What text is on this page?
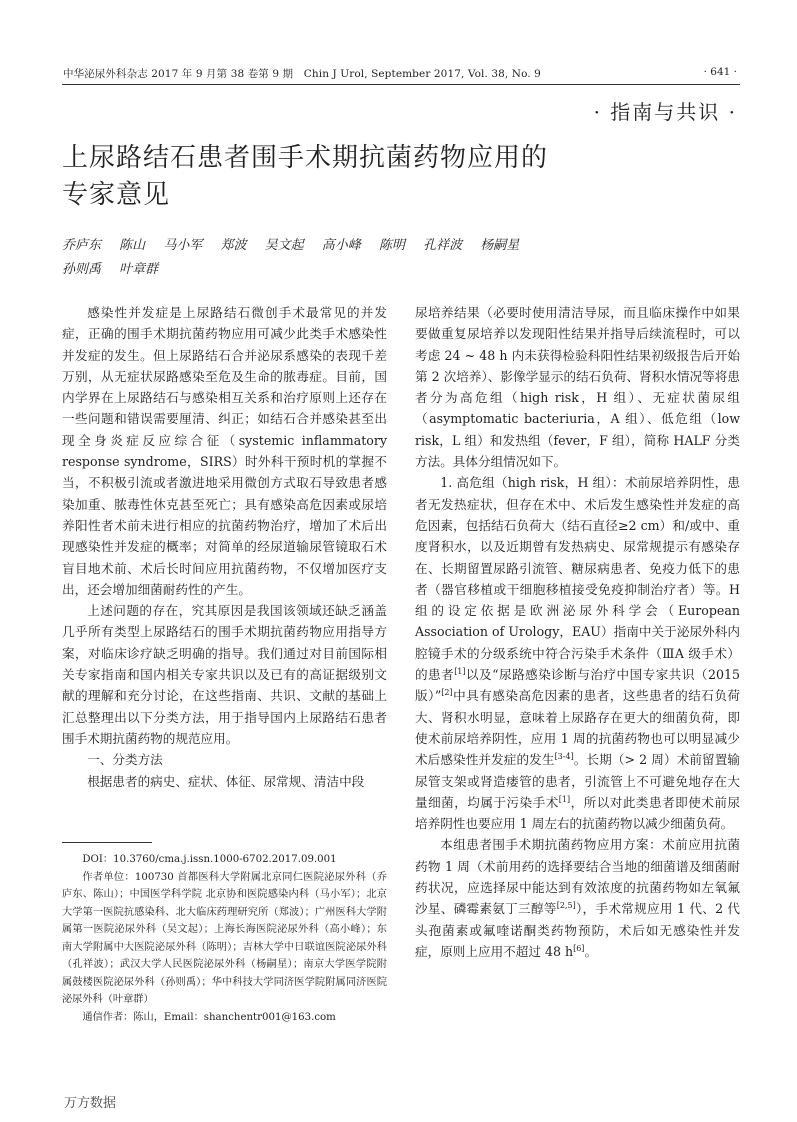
中华泌尿外科杂志 2017 年 9 月第 38 卷第 9 期　Chin J Urol, September 2017, Vol. 38, No. 9	· 641 ·
· 指南与共识 ·
上尿路结石患者围手术期抗菌药物应用的
专家意见
乔庐东 陈山 马小军 郑波 吴文起 高小峰 陈明 孔祥波 杨嗣星
孙则禹 叶章群

感染性并发症是上尿路结石微创手术最常见的并发症，正确的围手术期抗菌药物应用可减少此类手术感染性并发症的发生。但上尿路结石合并泌尿系感染的表现千差万别，从无症状尿路感染至危及生命的脓毒症。目前，国内学界在上尿路结石与感染相互关系和治疗原则上还存在一些问题和错误需要厘清、纠正；如结石合并感染甚至出现全身炎症反应综合征（systemic inflammatory response syndrome，SIRS）时外科干预时机的掌握不当，不积极引流或者激进地采用微创方式取石导致患者感染加重、脓毒性休克甚至死亡；具有感染高危因素或尿培养阳性者术前未进行相应的抗菌药物治疗，增加了术后出现感染性并发症的概率；对简单的经尿道输尿管镜取石术盲目地术前、术后长时间应用抗菌药物，不仅增加医疗支出，还会增加细菌耐药性的产生。

上述问题的存在，究其原因是我国该领域还缺乏涵盖几乎所有类型上尿路结石的围手术期抗菌药物应用指导方案，对临床诊疗缺乏明确的指导。我们通过对目前国际相关专家指南和国内相关专家共识以及已有的高证据级别文献的理解和充分讨论，在这些指南、共识、文献的基础上汇总整理出以下分类方法，用于指导国内上尿路结石患者围手术期抗菌药物的规范应用。

一、分类方法

根据患者的病史、症状、体征、尿常规、清洁中段

尿培养结果（必要时使用清洁导尿，而且临床操作中如果要做重复尿培养以发现阳性结果并指导后续流程时，可以考虑 24 ~ 48 h 内未获得检验科阳性结果初级报告后开始第 2 次培养）、影像学显示的结石负荷、肾积水情况等将患者分为高危组（high risk，H 组）、无症状菌尿组（asymptomatic bacteriuria，A 组）、低危组（low risk，L 组）和发热组（fever，F 组），简称 HALF 分类方法。具体分组情况如下。

1. 高危组（high risk，H 组）：术前尿培养阴性，患者无发热症状，但存在术中、术后发生感染性并发症的高危因素，包括结石负荷大（结石直径≥2 cm）和/或中、重度肾积水，以及近期曾有发热病史、尿常规提示有感染存在、长期留置尿路引流管、糖尿病患者、免疫力低下的患者（器官移植或干细胞移植接受免疫抑制治疗者）等。H 组的设定依据是欧洲泌尿外科学会（European Association of Urology，EAU）指南中关于泌尿外科内腔镜手术的分级系统中符合污染手术条件（ⅢA 级手术）的患者[1]以及“尿路感染诊断与治疗中国专家共识（2015 版）”[2]中具有感染高危因素的患者，这些患者的结石负荷大、肾积水明显，意味着上尿路存在更大的细菌负荷，即使术前尿培养阴性，应用 1 周的抗菌药物也可以明显减少术后感染性并发症的发生[3-4]。长期（> 2 周）术前留置输尿管支架或肾造瘘管的患者，引流管上不可避免地存在大量细菌，均属于污染手术[1]，所以对此类患者即使术前尿培养阴性也要应用 1 周左右的抗菌药物以减少细菌负荷。

本组患者围手术期抗菌药物应用方案：术前应用抗菌药物 1 周（术前用药的选择要结合当地的细菌谱及细菌耐药状况，应选择尿中能达到有效浓度的抗菌药物如左氧氟沙星、磷霉素氨丁三醇等[2,5]），手术常规应用 1 代、2 代头孢菌素或氟喹诺酮类药物预防，术后如无感染性并发症，原则上应用不超过 48 h[6]。

DOI：10.3760/cma.j.issn.1000-6702.2017.09.001

作者单位：100730 首都医科大学附属北京同仁医院泌尿外科（乔庐东、陈山）；中国医学科学院 北京协和医院感染内科（马小军）；北京大学第一医院抗感染科、北大临床药理研究所（郑波）；广州医科大学附属第一医院泌尿外科（吴文起）；上海长海医院泌尿外科（高小峰）；东南大学附属中大医院泌尿外科（陈明）；吉林大学中日联谊医院泌尿外科（孔祥波）；武汉大学人民医院泌尿外科（杨嗣星）；南京大学医学院附属鼓楼医院泌尿外科（孙则禹）；华中科技大学同济医学院附属同济医院泌尿外科（叶章群）

通信作者：陈山，Email：shanchentr001@163.com

万方数据
